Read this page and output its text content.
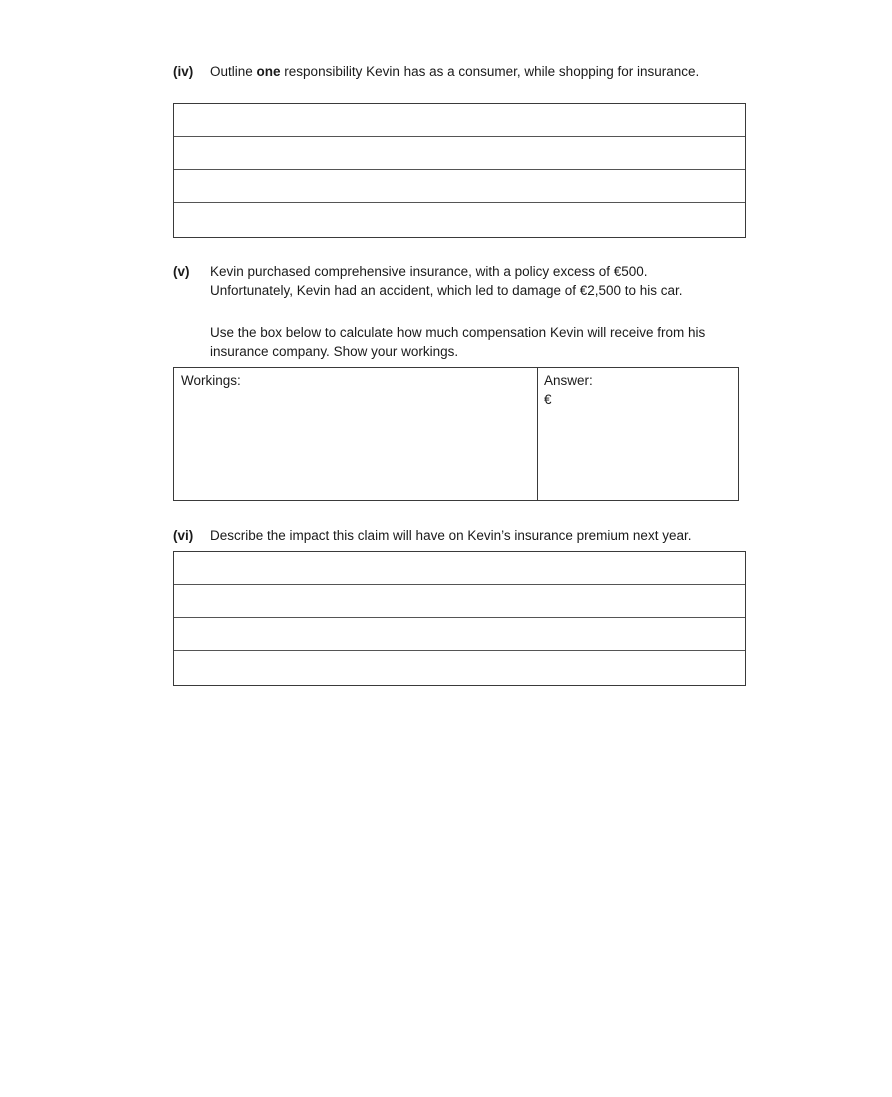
(iv) Outline one responsibility Kevin has as a consumer, while shopping for insurance.
(v) Kevin purchased comprehensive insurance, with a policy excess of €500.
Unfortunately, Kevin had an accident, which led to damage of €2,500 to his car.
Use the box below to calculate how much compensation Kevin will receive from his
insurance company. Show your workings.
Workings:	Answer:
€
(vi) Describe the impact this claim will have on Kevin’s insurance premium next year.
